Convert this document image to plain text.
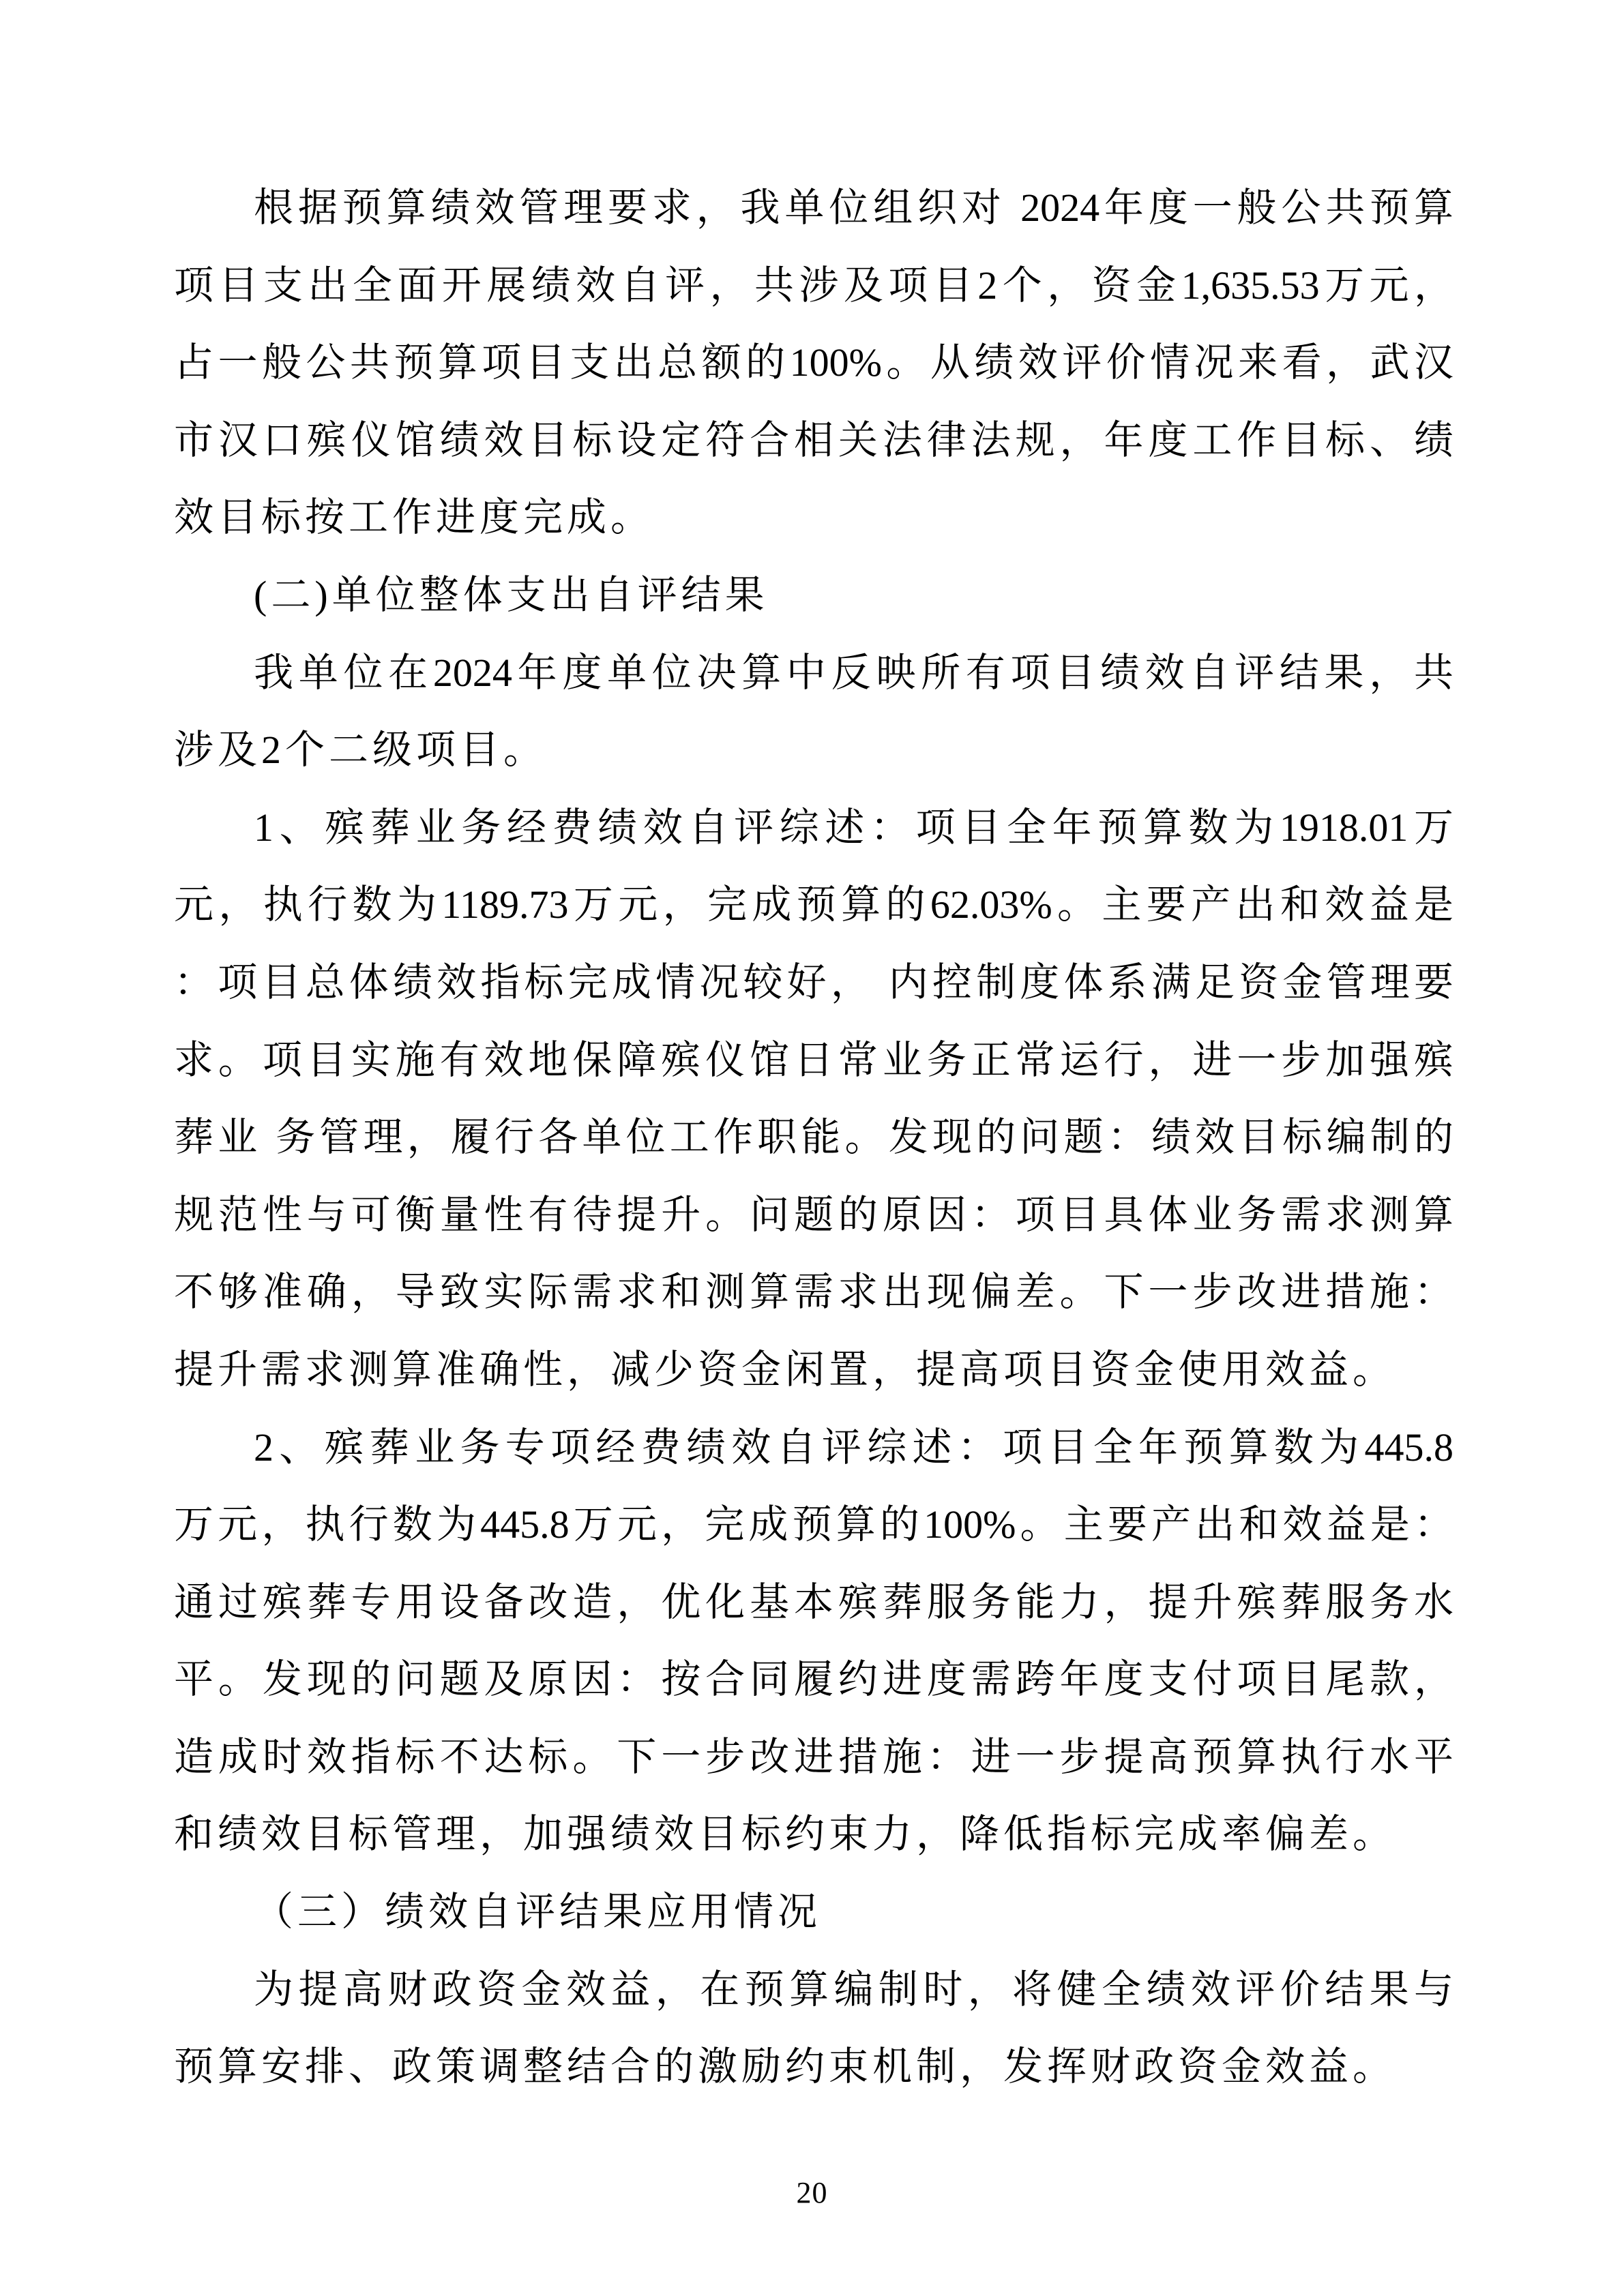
根据预算绩效管理要求，我单位组织对 2024年度一般公共预算
项目支出全面开展绩效自评，共涉及项目2个，资金1,635.53万元，
占一般公共预算项目支出总额的100%。从绩效评价情况来看，武汉
市汉口殡仪馆绩效目标设定符合相关法律法规，年度工作目标、绩
效目标按工作进度完成。
(二)单位整体支出自评结果
我单位在2024年度单位决算中反映所有项目绩效自评结果，共
涉及2个二级项目。
1、殡葬业务经费绩效自评综述：项目全年预算数为1918.01万
元，执行数为1189.73万元，完成预算的62.03%。主要产出和效益是
：项目总体绩效指标完成情况较好， 内控制度体系满足资金管理要
求。项目实施有效地保障殡仪馆日常业务正常运行，进一步加强殡
葬业 务管理，履行各单位工作职能。发现的问题：绩效目标编制的
规范性与可衡量性有待提升。问题的原因：项目具体业务需求测算
不够准确，导致实际需求和测算需求出现偏差。下一步改进措施：
提升需求测算准确性，减少资金闲置，提高项目资金使用效益。
2、殡葬业务专项经费绩效自评综述：项目全年预算数为445.8
万元，执行数为445.8万元，完成预算的100%。主要产出和效益是：
通过殡葬专用设备改造，优化基本殡葬服务能力，提升殡葬服务水
平。发现的问题及原因：按合同履约进度需跨年度支付项目尾款，
造成时效指标不达标。下一步改进措施：进一步提高预算执行水平
和绩效目标管理，加强绩效目标约束力，降低指标完成率偏差。
（三）绩效自评结果应用情况
为提高财政资金效益，在预算编制时，将健全绩效评价结果与
预算安排、政策调整结合的激励约束机制，发挥财政资金效益。
20
